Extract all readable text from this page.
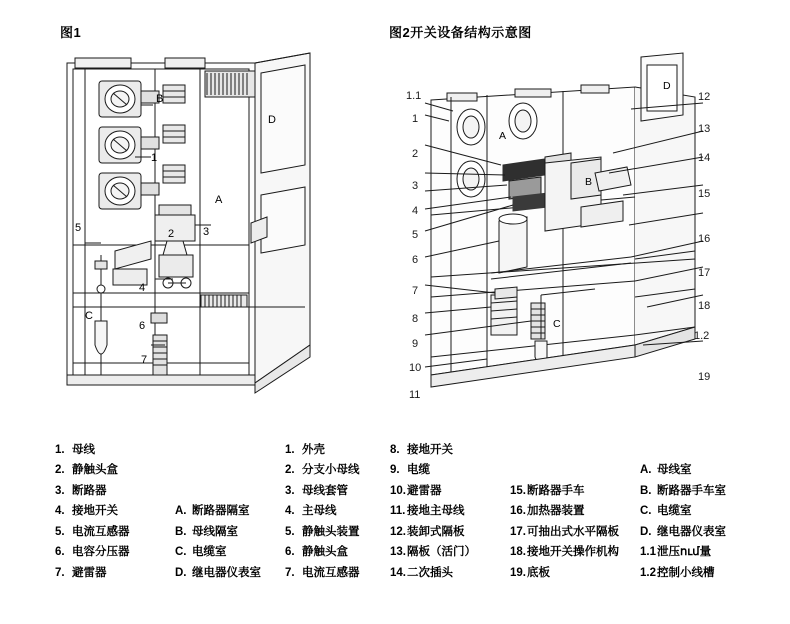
图1	图2开关设备结构示意图
B
1
D
A
5	3
2
4
C
6
7
D
A
B
C
1.1
1
2
3
4
5
6
7
8
9
10
11
12
13
14
15
16
17
18
1.2
19
1. 母线
2. 静触头盒
3. 断路器
4. 接地开关
5. 电流互感器
6. 电容分压器
7. 避雷器
A. 断路器隔室
B. 母线隔室
C. 电缆室
D. 继电器仪表室
1. 外壳
2. 分支小母线
3. 母线套管
4. 主母线
5. 静触头装置
6. 静触头盒
7. 电流互感器
8. 接地开关
9. 电缆
10. 避雷器
11. 接地主母线
12. 装卸式隔板
13. 隔板（活门）
14. 二次插头
15. 断路器手车
16. 加热器装置
17. 可抽出式水平隔板
18. 接地开关操作机构
19. 底板
A. 母线室
B. 断路器手车室
C. 电缆室
D. 继电器仪表室
1.1 泄压ում量
1.2 控制小线槽
